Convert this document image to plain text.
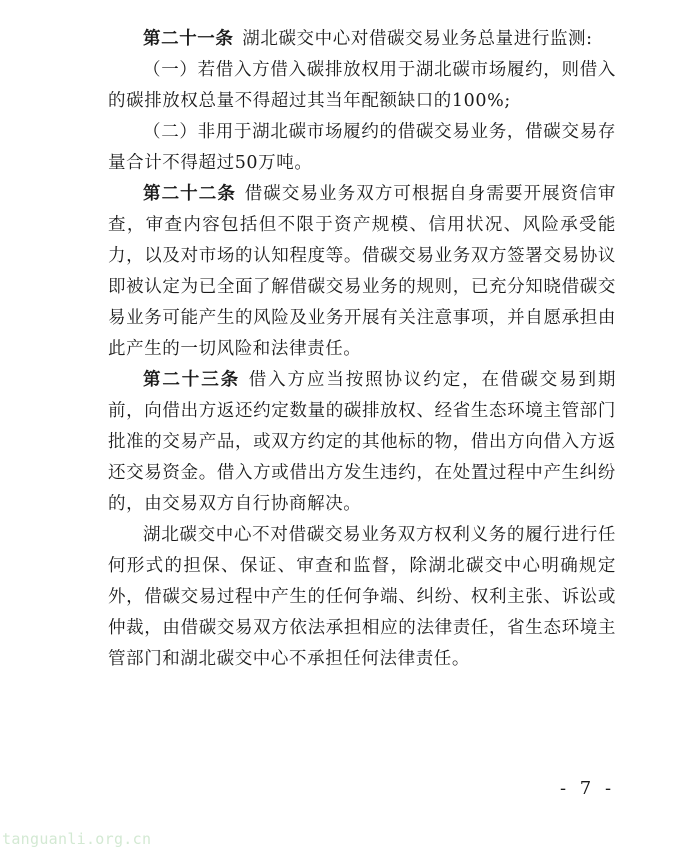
第二十一条 湖北碳交中心对借碳交易业务总量进行监测:

（一）若借入方借入碳排放权用于湖北碳市场履约，则借入的碳排放权总量不得超过其当年配额缺口的100%;

（二）非用于湖北碳市场履约的借碳交易业务，借碳交易存量合计不得超过50万吨。

第二十二条 借碳交易业务双方可根据自身需要开展资信审查，审查内容包括但不限于资产规模、信用状况、风险承受能力，以及对市场的认知程度等。借碳交易业务双方签署交易协议即被认定为已全面了解借碳交易业务的规则，已充分知晓借碳交易业务可能产生的风险及业务开展有关注意事项，并自愿承担由此产生的一切风险和法律责任。

第二十三条 借入方应当按照协议约定，在借碳交易到期前，向借出方返还约定数量的碳排放权、经省生态环境主管部门批准的交易产品，或双方约定的其他标的物，借出方向借入方返还交易资金。借入方或借出方发生违约，在处置过程中产生纠纷的，由交易双方自行协商解决。

湖北碳交中心不对借碳交易业务双方权利义务的履行进行任何形式的担保、保证、审查和监督，除湖北碳交中心明确规定外，借碳交易过程中产生的任何争端、纠纷、权利主张、诉讼或仲裁，由借碳交易双方依法承担相应的法律责任，省生态环境主管部门和湖北碳交中心不承担任何法律责任。

- 7 -
tanguanli.org.cn
